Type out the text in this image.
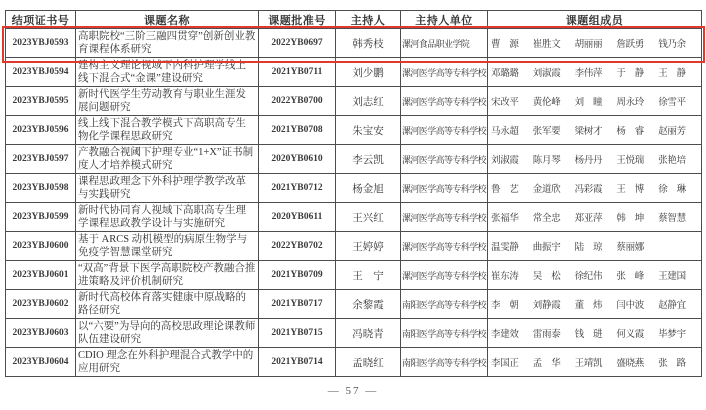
结项证书号	课题名称	课题批准号	主持人	主持人单位	课题组成员
2023YBJ0593	高职院校“三阶三融四贯穿”创新创业教育课程体系研究	2022YB0697	韩秀枝	漯河食品职业学院	曹　源 崔胜文 胡丽丽 詹跃勇 钱乃余

2023YBJ0594	建构主义理论视域下内科护理学线上线下混合式“金课”建设研究	2021YB0711	刘少鹏	漯河医学高等专科学校	邓璐璐 刘淑霞 李伟萍 于　静 王　静

2023YBJ0595	新时代医学生劳动教育与职业生涯发展问题研究	2022YB0700	刘志红	漯河医学高等专科学校	宋改平 黄伦峰 刘　瞳 周永玲 徐雪平

2023YBJ0596	线上线下混合教学模式下高职高专生物化学课程思政研究	2021YB0708	朱宝安	漯河医学高等专科学校	马永超 张军要 梁树才 杨　睿 赵丽芳

2023YBJ0597	产教融合视阈下护理专业“1+X”证书制度人才培养模式研究	2020YB0610	李云凯	漯河医学高等专科学校	刘淑霞 陈月琴 杨丹丹 王悦瑞 张艳培

2023YBJ0598	课程思政理念下外科护理学教学改革与实践研究	2021YB0712	杨金旭	漯河医学高等专科学校	鲁　艺 金道欣 冯彩霞 王　博 徐　琳

2023YBJ0599	新时代协同育人视域下高职高专生理学课程思政教学设计与实施研究	2020YB0611	王兴红	漯河医学高等专科学校	张福华 常全忠 郑亚萍 韩　坤 蔡智慧

2023YBJ0600	基于 ARCS 动机模型的病原生物学与免疫学智慧课堂研究	2022YB0702	王婷婷	漯河医学高等专科学校	温雯静 曲振宇 陆　琼 蔡丽娜

2023YBJ0601	“双高”背景下医学高职院校产教融合推进策略及评价机制研究	2021YB0709	王　宁	漯河医学高等专科学校	崔东涛 吴　松 徐纪伟 张　峰 王建国

2023YBJ0602	新时代高校体育落实健康中原战略的路径研究	2021YB0717	余黎霞	南阳医学高等专科学校	李　朝 刘静霞 董　炜 闫中波 赵静宜

2023YBJ0603	以“六要”为导向的高校思政理论课教师队伍建设研究	2021YB0715	冯晓青	南阳医学高等专科学校	李建效 雷雨泰 钱　琎 何义霞 毕梦宇

2023YBJ0604	CDIO 理念在外科护理混合式教学中的应用研究	2021YB0714	孟晓红	南阳医学高等专科学校	李国正 孟　华 王靖凯 盛晓燕 张　路
— 57 —
